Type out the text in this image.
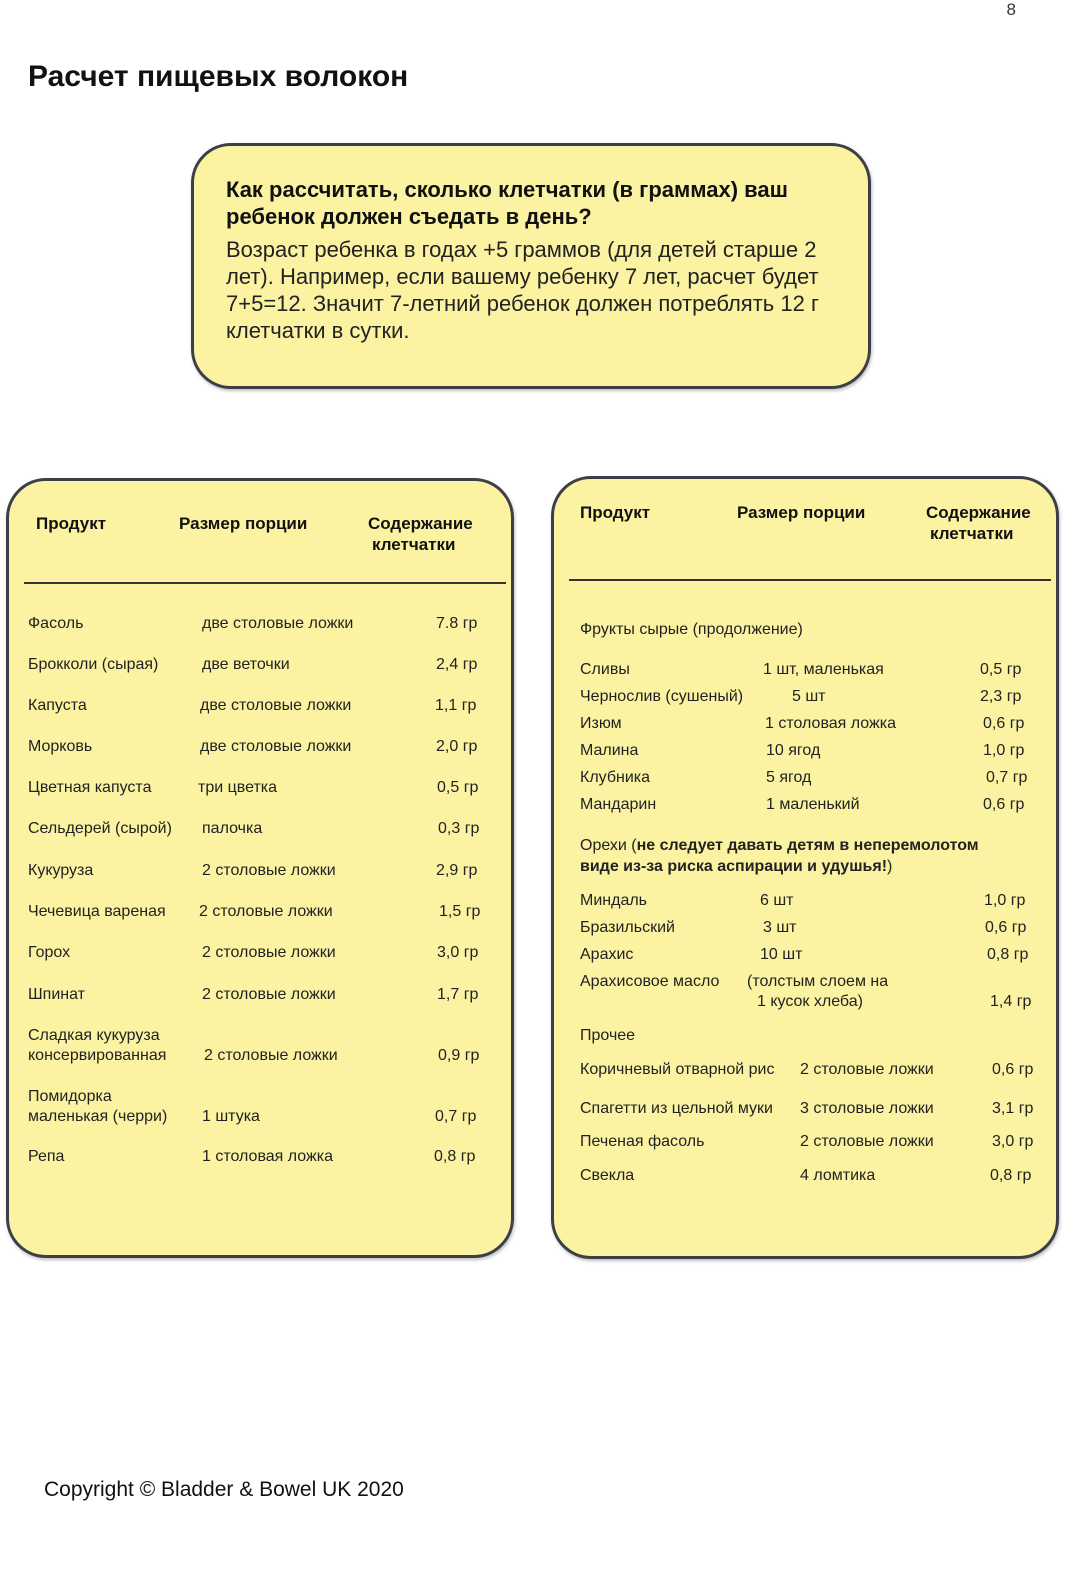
8
Расчет пищевых волокон
Как рассчитать, сколько клетчатки (в граммах) ваш ребенок должен съедать в день?
Возраст ребенка в годах +5 граммов (для детей старше 2 лет). Например, если вашему ребенку 7 лет, расчет будет 7+5=12. Значит 7-летний ребенок должен потреблять 12 г клетчатки в сутки.
Продукт	Размер порции	Содержание
клетчатки
Фасоль	две столовые ложки	7.8 гр
Брокколи (сырая)	две веточки	2,4 гр
Капуста	две столовые ложки	1,1 гр
Морковь	две столовые ложки	2,0 гр
Цветная капуста	три цветка	0,5 гр
Сельдерей (сырой) палочка	0,3 гр
Кукуруза	2 столовые ложки	2,9 гр
Чечевица вареная 2 столовые ложки	1,5 гр
Горох	2 столовые ложки	3,0 гр
Шпинат	2 столовые ложки	1,7 гр
Сладкая кукуруза
консервированная 2 столовые ложки	0,9 гр
Помидорка
маленькая (черри) 1 штука	0,7 гр
Репа	1 столовая ложка	0,8 гр
Продукт	Размер порции	Содержание
клетчатки
Фрукты сырые (продолжение)
Сливы	1 шт, маленькая	0,5 гр
Чернослив (сушеный)	5 шт	2,3 гр
Изюм	1 столовая ложка	0,6 гр
Малина	10 ягод	1,0 гр
Клубника	5 ягод	0,7 гр
Мандарин	1 маленький	0,6 гр
Орехи (не следует давать детям в неперемолотом
виде из-за риска аспирации и удушья!)
Миндаль	6 шт	1,0 гр
Бразильский	3 шт	0,6 гр
Арахис	10 шт	0,8 гр
Арахисовое масло (толстым слоем на
1 кусок хлеба)	1,4 гр
Прочее
Коричневый отварной рис 2 столовые ложки	0,6 гр
Спагетти из цельной муки 3 столовые ложки	3,1 гр
Печеная фасоль	2 столовые ложки	3,0 гр
Свекла	4 ломтика	0,8 гр
Copyright © Bladder & Bowel UK 2020
